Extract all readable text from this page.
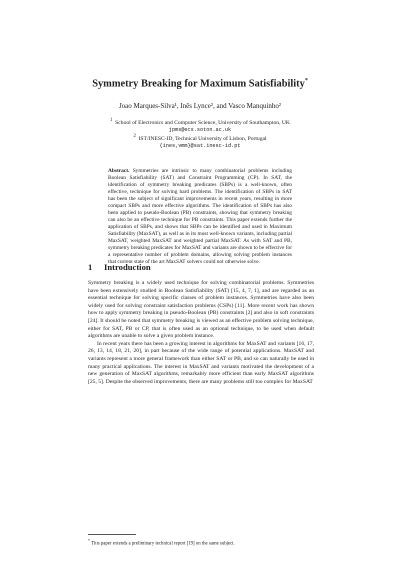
Symmetry Breaking for Maximum Satisfiability*
Joao Marques-Silva¹, Inês Lynce², and Vasco Manquinho²
$^1$ School of Electronics and Computer Science, University of Southampton, UK
jpms@ecs.soton.ac.uk
$^2$ IST/INESC-ID, Technical University of Lisbon, Portugal
{ines,vmm}@sat.inesc-id.pt

Abstract. Symmetries are intrinsic to many combinatorial problems including Boolean Satisfiability (SAT) and Constraint Programming (CP). In SAT, the identification of symmetry breaking predicates (SBPs) is a well-known, often effective, technique for solving hard problems. The identification of SBPs in SAT has been the subject of significant improvements in recent years, resulting in more compact SBPs and more effective algorithms. The identification of SBPs has also been applied to pseudo-Boolean (PB) constraints, showing that symmetry breaking can also be an effective technique for PB constraints. This paper extends further the application of SBPs, and shows that SBPs can be identified and used in Maximum Satisfiability (MaxSAT), as well as in its most well-known variants, including partial MaxSAT, weighted MaxSAT and weighted partial MaxSAT. As with SAT and PB, symmetry breaking predicates for MaxSAT and variants are shown to be effective for a representative number of problem domains, allowing solving problem instances that current state of the art MaxSAT solvers could not otherwise solve.

1 Introduction

Symmetry breaking is a widely used technique for solving combinatorial problems. Symmetries have been extensively studied in Boolean Satisfiability (SAT) [15, 4, 7, 1], and are regarded as an essential technique for solving specific classes of problem instances. Symmetries have also been widely used for solving constraint satisfaction problems (CSPs) [11]. More recent work has shown how to apply symmetry breaking in pseudo-Boolean (PB) constraints [2] and also in soft constraints [24]. It should be noted that symmetry breaking is viewed as an effective problem solving technique, either for SAT, PB or CP, that is often used as an optional technique, to be used when default algorithms are unable to solve a given problem instance.

In recent years there has been a growing interest in algorithms for MaxSAT and variants [16, 17, 26, 13, 14, 18, 21, 20], in part because of the wide range of potential applications. MaxSAT and variants represent a more general framework than either SAT or PB, and so can naturally be used in many practical applications. The interest in MaxSAT and variants motivated the development of a new generation of MaxSAT algorithms, remarkably more efficient than early MaxSAT algorithms [25, 5]. Despite the observed improvements, there are many problems still too complex for MaxSAT

* This paper extends a preliminary technical report [19] on the same subject.
